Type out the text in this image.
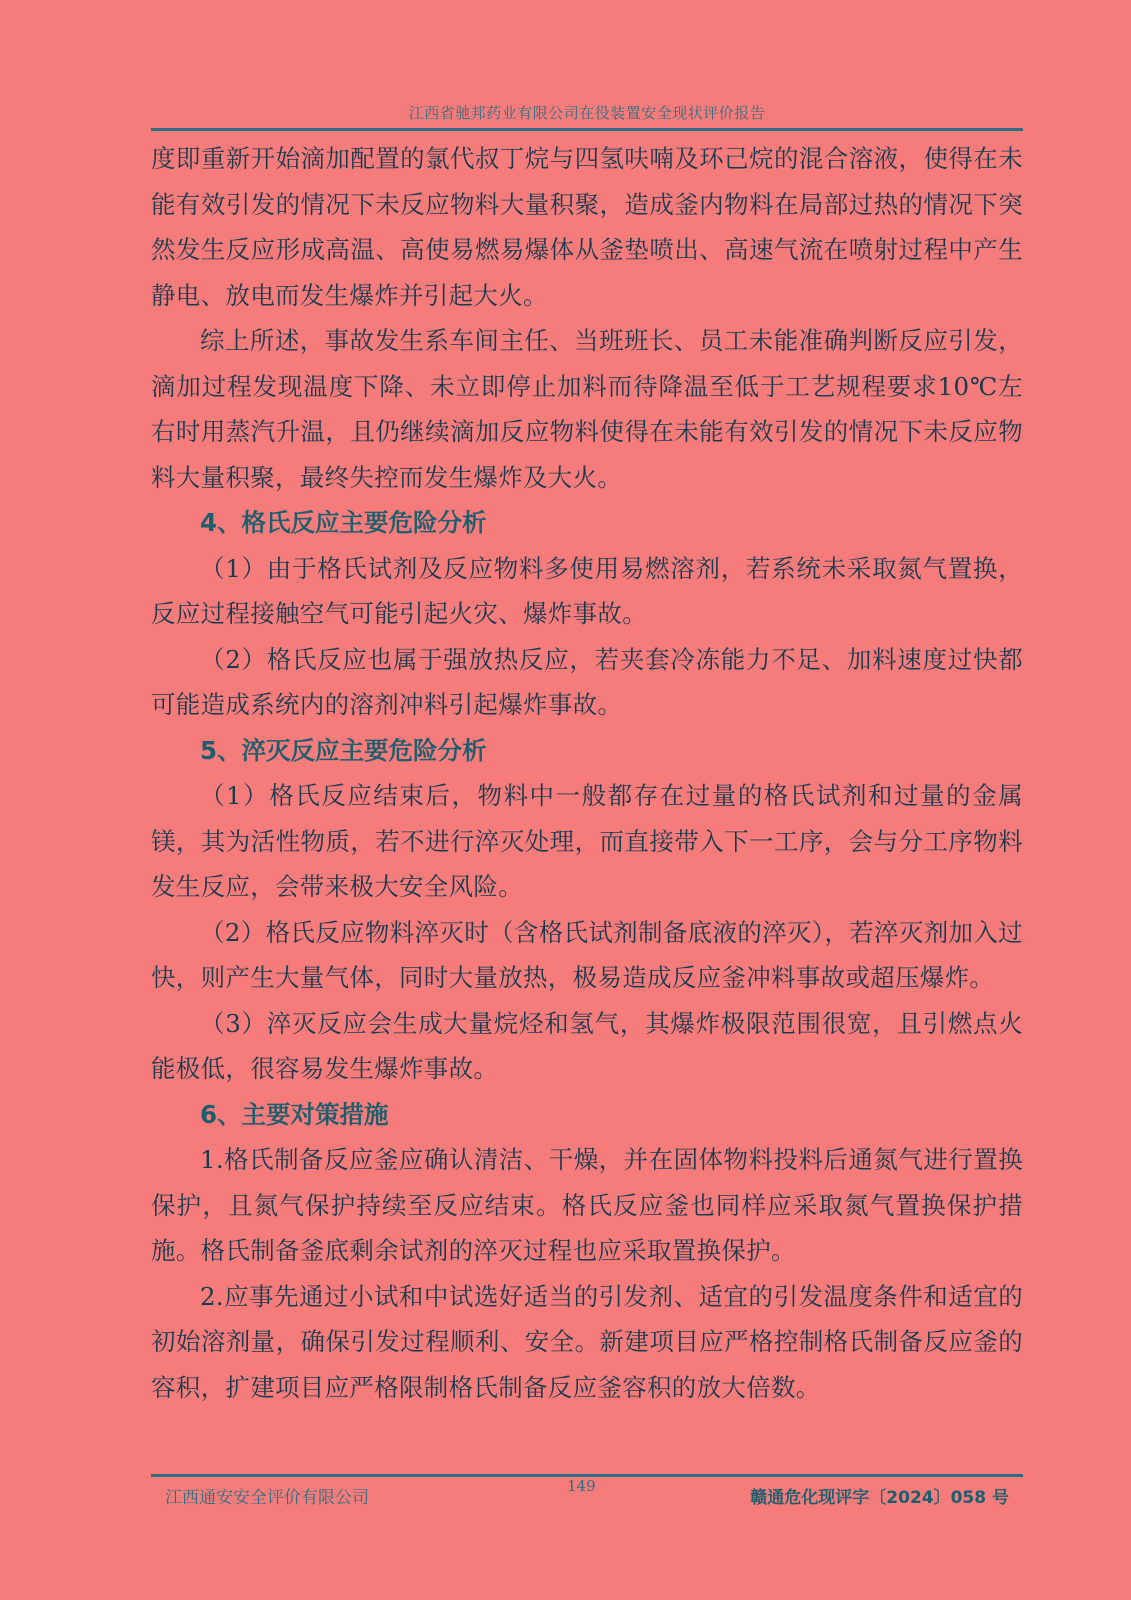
江西省驰邦药业有限公司在役装置安全现状评价报告

度即重新开始滴加配置的氯代叔丁烷与四氢呋喃及环己烷的混合溶液，使得在未能有效引发的情况下未反应物料大量积聚，造成釜内物料在局部过热的情况下突然发生反应形成高温、高使易燃易爆体从釜垫喷出、高速气流在喷射过程中产生静电、放电而发生爆炸并引起大火。

综上所述，事故发生系车间主任、当班班长、员工未能准确判断反应引发，滴加过程发现温度下降、未立即停止加料而待降温至低于工艺规程要求10℃左右时用蒸汽升温，且仍继续滴加反应物料使得在未能有效引发的情况下未反应物料大量积聚，最终失控而发生爆炸及大火。

4、格氏反应主要危险分析

（1）由于格氏试剂及反应物料多使用易燃溶剂，若系统未采取氮气置换，反应过程接触空气可能引起火灾、爆炸事故。

（2）格氏反应也属于强放热反应，若夹套冷冻能力不足、加料速度过快都可能造成系统内的溶剂冲料引起爆炸事故。

5、淬灭反应主要危险分析

（1）格氏反应结束后，物料中一般都存在过量的格氏试剂和过量的金属镁，其为活性物质，若不进行淬灭处理，而直接带入下一工序，会与分工序物料发生反应，会带来极大安全风险。

（2）格氏反应物料淬灭时（含格氏试剂制备底液的淬灭），若淬灭剂加入过快，则产生大量气体，同时大量放热，极易造成反应釜冲料事故或超压爆炸。

（3）淬灭反应会生成大量烷烃和氢气，其爆炸极限范围很宽，且引燃点火能极低，很容易发生爆炸事故。

6、主要对策措施

1.格氏制备反应釜应确认清洁、干燥，并在固体物料投料后通氮气进行置换保护，且氮气保护持续至反应结束。格氏反应釜也同样应采取氮气置换保护措施。格氏制备釜底剩余试剂的淬灭过程也应采取置换保护。

2.应事先通过小试和中试选好适当的引发剂、适宜的引发温度条件和适宜的初始溶剂量，确保引发过程顺利、安全。新建项目应严格控制格氏制备反应釜的容积，扩建项目应严格限制格氏制备反应釜容积的放大倍数。

江西通安安全评价有限公司
149
赣通危化现评字〔2024〕058 号
